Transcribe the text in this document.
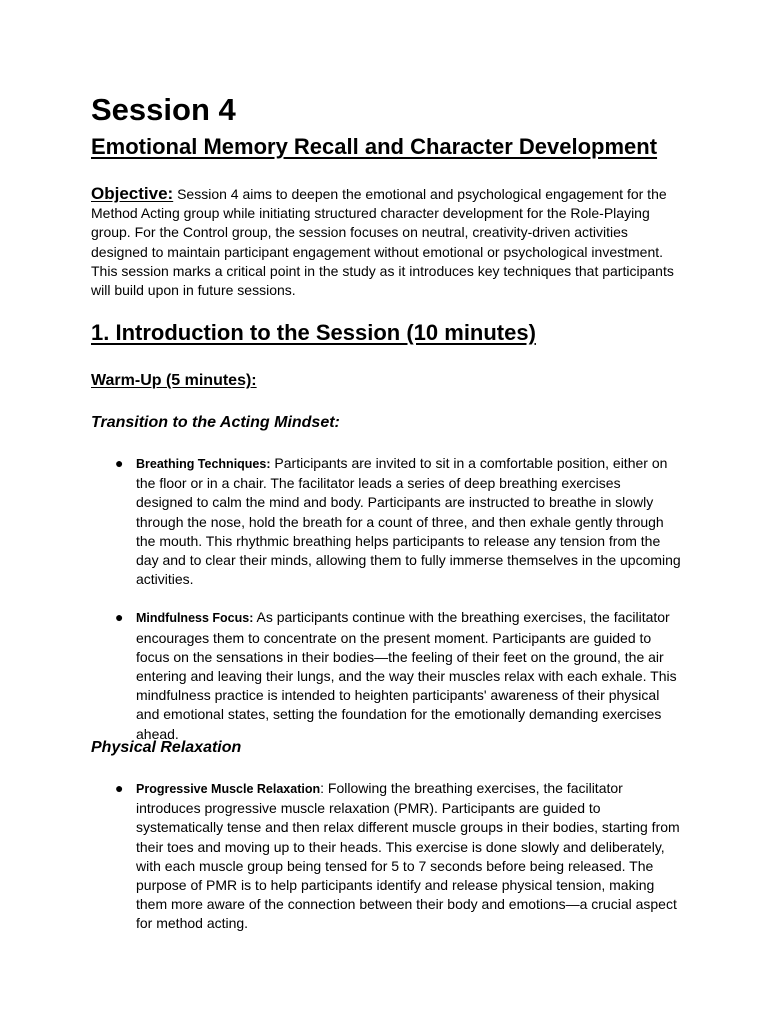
Session 4
Emotional Memory Recall and Character Development

Objective: Session 4 aims to deepen the emotional and psychological engagement for the Method Acting group while initiating structured character development for the Role-Playing group. For the Control group, the session focuses on neutral, creativity-driven activities designed to maintain participant engagement without emotional or psychological investment. This session marks a critical point in the study as it introduces key techniques that participants will build upon in future sessions.

1. Introduction to the Session (10 minutes)
Warm-Up (5 minutes):
Transition to the Acting Mindset:
● Breathing Techniques: Participants are invited to sit in a comfortable position, either on the floor or in a chair. The facilitator leads a series of deep breathing exercises designed to calm the mind and body. Participants are instructed to breathe in slowly through the nose, hold the breath for a count of three, and then exhale gently through the mouth. This rhythmic breathing helps participants to release any tension from the day and to clear their minds, allowing them to fully immerse themselves in the upcoming activities.
● Mindfulness Focus: As participants continue with the breathing exercises, the facilitator encourages them to concentrate on the present moment. Participants are guided to focus on the sensations in their bodies—the feeling of their feet on the ground, the air entering and leaving their lungs, and the way their muscles relax with each exhale. This mindfulness practice is intended to heighten participants' awareness of their physical and emotional states, setting the foundation for the emotionally demanding exercises ahead.
Physical Relaxation
● Progressive Muscle Relaxation: Following the breathing exercises, the facilitator introduces progressive muscle relaxation (PMR). Participants are guided to systematically tense and then relax different muscle groups in their bodies, starting from their toes and moving up to their heads. This exercise is done slowly and deliberately, with each muscle group being tensed for 5 to 7 seconds before being released. The purpose of PMR is to help participants identify and release physical tension, making them more aware of the connection between their body and emotions—a crucial aspect for method acting.
